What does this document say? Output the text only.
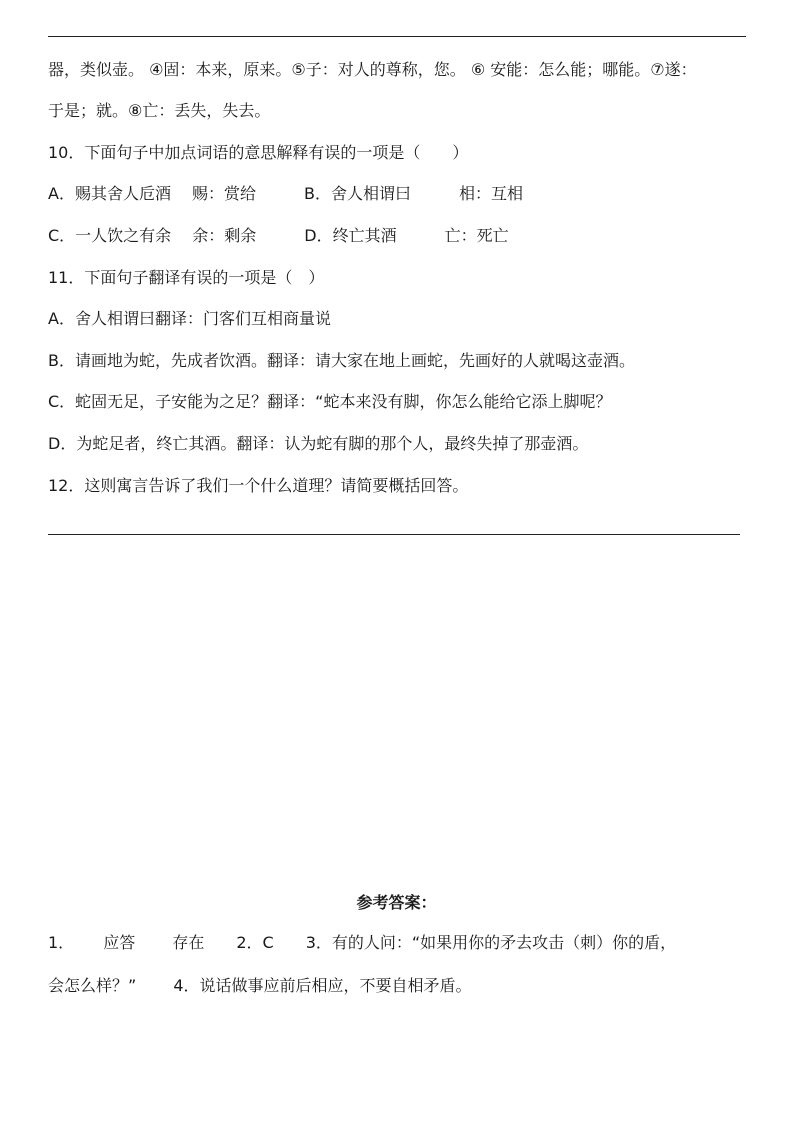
器，类似壶。 ④固：本来，原来。⑤子：对人的尊称，您。 ⑥ 安能：怎么能；哪能。⑦遂：
于是；就。⑧亡：丢失，失去。
10．下面句子中加点词语的意思解释有误的一项是（　　）
A．赐其舍人卮酒　 赐：赏给　　　B．舍人相谓曰　　　相：互相
C．一人饮之有余　 余：剩余　　　D．终亡其酒　　　亡：死亡
11．下面句子翻译有误的一项是（　）
A．舍人相谓曰翻译：门客们互相商量说
B．请画地为蛇，先成者饮酒。翻译：请大家在地上画蛇，先画好的人就喝这壶酒。
C．蛇固无足，子安能为之足？翻译：“蛇本来没有脚，你怎么能给它添上脚呢？
D．为蛇足者，终亡其酒。翻译：认为蛇有脚的那个人，最终失掉了那壶酒。
12．这则寓言告诉了我们一个什么道理？请简要概括回答。
参考答案：
1．　　 应答　　 存在　　2．C　　3．有的人问：“如果用你的矛去攻击（刺）你的盾，
会怎么样？”　　 4．说话做事应前后相应，不要自相矛盾。
